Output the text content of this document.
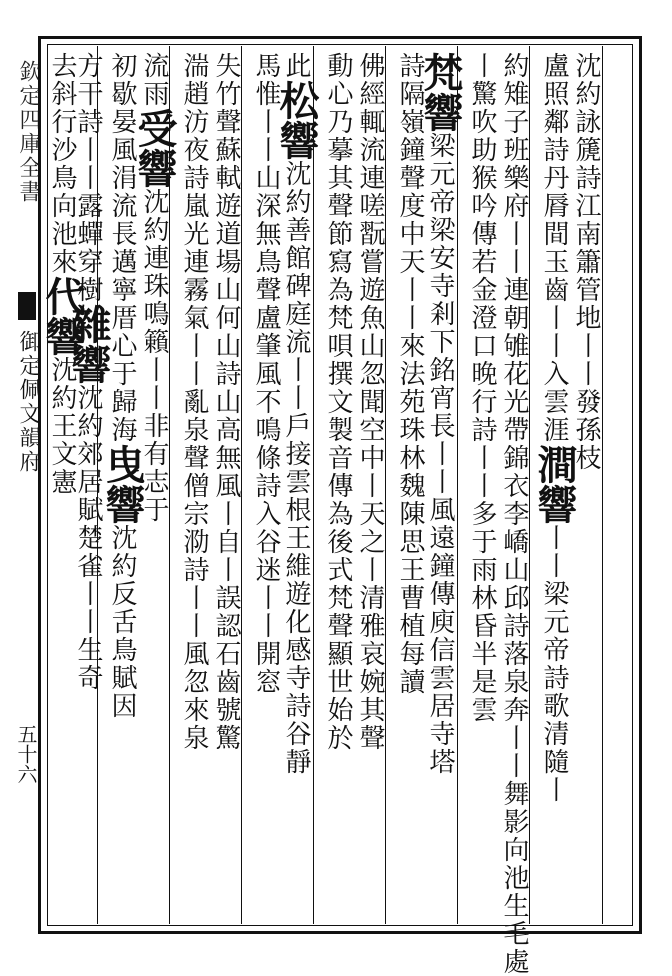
欽定四庫全書
御定佩文韻府
五十六
沈約詠篪詩江南簫管地丨丨發孫枝
盧照鄰詩丹脣間玉齒丨丨入雲涯澗響丨丨梁元帝詩歌清隨丨
約雉子班樂府丨丨連朝雊花光帶錦衣李嶠山邱詩落泉奔丨丨舞影向池生毛處
丨驚吹助猴吟傳若金澄口晚行詩丨丨多于雨林昏半是雲
梵響梁元帝梁安寺剎下銘宵長丨丨風遠鐘傳庾信雲居寺塔
詩隔嶺鐘聲度中天丨丨來法苑珠林魏陳思王曹植每讀
佛經輒流連嗟翫嘗遊魚山忽聞空中丨天之丨清雅哀婉其聲
動心乃摹其聲節寫為梵唄撰文製音傳為後式梵聲顯世始於
此松響沈約善館碑庭流丨丨戶接雲根王維遊化感寺詩谷靜
馬惟丨丨山深無鳥聲盧肇風不鳴條詩入谷迷丨丨開窓
失竹聲蘇軾遊道場山何山詩山高無風丨自丨誤認石齒號驚
湍趙汸夜詩嵐光連霧氣丨丨亂泉聲僧宗泐詩丨丨風忽來泉
流雨受響沈約連珠鳴籟丨丨非有志于
初歇晏風涓流長邁寧厝心于歸海曳響沈約反舌鳥賦因
方干詩丨丨露蟬穿樹雜響沈約郊居賦楚雀丨丨生奇
去斜行沙鳥向池來代響沈約王文憲
